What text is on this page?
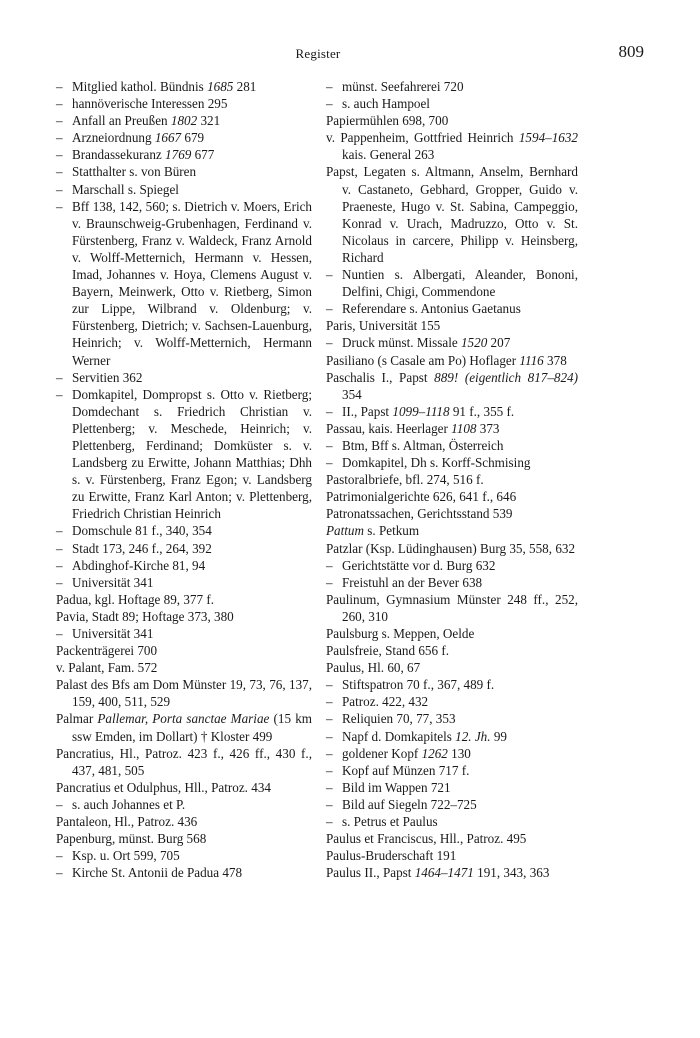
Register	809
– Mitglied kathol. Bündnis 1685 281
– hannöverische Interessen 295
– Anfall an Preußen 1802 321
– Arzneiordnung 1667 679
– Brandassekuranz 1769 677
– Statthalter s. von Büren
– Marschall s. Spiegel
– Bff 138, 142, 560; s. Dietrich v. Moers, Erich v. Braunschweig-Grubenhagen, Ferdinand v. Fürstenberg, Franz v. Waldeck, Franz Arnold v. Wolff-Metternich, Hermann v. Hessen, Imad, Johannes v. Hoya, Clemens August v. Bayern, Meinwerk, Otto v. Rietberg, Simon zur Lippe, Wilbrand v. Oldenburg; v. Fürstenberg, Dietrich; v. Sachsen-Lauenburg, Heinrich; v. Wolff-Metternich, Hermann Werner
– Servitien 362
– Domkapitel, Dompropst s. Otto v. Rietberg; Domdechant s. Friedrich Christian v. Plettenberg; v. Meschede, Heinrich; v. Plettenberg, Ferdinand; Domküster s. v. Landsberg zu Erwitte, Johann Matthias; Dhh s. v. Fürstenberg, Franz Egon; v. Landsberg zu Erwitte, Franz Karl Anton; v. Plettenberg, Friedrich Christian Heinrich
– Domschule 81 f., 340, 354
– Stadt 173, 246 f., 264, 392
– Abdinghof-Kirche 81, 94
– Universität 341
Padua, kgl. Hoftage 89, 377 f.
Pavia, Stadt 89; Hoftage 373, 380
– Universität 341
Packenträgerei 700
v. Palant, Fam. 572
Palast des Bfs am Dom Münster 19, 73, 76, 137, 159, 400, 511, 529
Palmar Pallemar, Porta sanctae Mariae (15 km ssw Emden, im Dollart) † Kloster 499
Pancratius, Hl., Patroz. 423 f., 426 ff., 430 f., 437, 481, 505
Pancratius et Odulphus, Hll., Patroz. 434
– s. auch Johannes et P.
Pantaleon, Hl., Patroz. 436
Papenburg, münst. Burg 568
– Ksp. u. Ort 599, 705
– Kirche St. Antonii de Padua 478
– münst. Seefahrerei 720
– s. auch Hampoel
Papiermühlen 698, 700
v. Pappenheim, Gottfried Heinrich 1594–1632 kais. General 263
Papst, Legaten s. Altmann, Anselm, Bernhard v. Castaneto, Gebhard, Gropper, Guido v. Praeneste, Hugo v. St. Sabina, Campeggio, Konrad v. Urach, Madruzzo, Otto v. St. Nicolaus in carcere, Philipp v. Heinsberg, Richard
– Nuntien s. Albergati, Aleander, Bononi, Delfini, Chigi, Commendone
– Referendare s. Antonius Gaetanus
Paris, Universität 155
– Druck münst. Missale 1520 207
Pasiliano (s Casale am Po) Hoflager 1116 378
Paschalis I., Papst 889! (eigentlich 817–824) 354
– II., Papst 1099–1118 91 f., 355 f.
Passau, kais. Heerlager 1108 373
– Btm, Bff s. Altman, Österreich
– Domkapitel, Dh s. Korff-Schmising
Pastoralbriefe, bfl. 274, 516 f.
Patrimonialgerichte 626, 641 f., 646
Patronatssachen, Gerichtsstand 539
Pattum s. Petkum
Patzlar (Ksp. Lüdinghausen) Burg 35, 558, 632
– Gerichtstätte vor d. Burg 632
– Freistuhl an der Bever 638
Paulinum, Gymnasium Münster 248 ff., 252, 260, 310
Paulsburg s. Meppen, Oelde
Paulsfreie, Stand 656 f.
Paulus, Hl. 60, 67
– Stiftspatron 70 f., 367, 489 f.
– Patroz. 422, 432
– Reliquien 70, 77, 353
– Napf d. Domkapitels 12. Jh. 99
– goldener Kopf 1262 130
– Kopf auf Münzen 717 f.
– Bild im Wappen 721
– Bild auf Siegeln 722–725
– s. Petrus et Paulus
Paulus et Franciscus, Hll., Patroz. 495
Paulus-Bruderschaft 191
Paulus II., Papst 1464–1471 191, 343, 363
